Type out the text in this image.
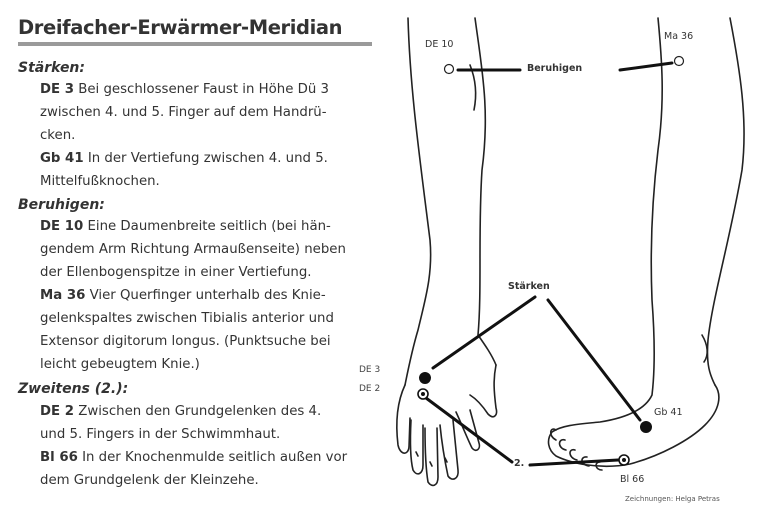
Dreifacher-Erwärmer-Meridian
Stärken:
DE 3 Bei geschlossener Faust in Höhe Dü 3
zwischen 4. und 5. Finger auf dem Handrü-
cken.
Gb 41 In der Vertiefung zwischen 4. und 5.
Mittelfußknochen.
Beruhigen:
DE 10 Eine Daumenbreite seitlich (bei hän-
gendem Arm Richtung Armaußenseite) neben
der Ellenbogenspitze in einer Vertiefung.
Ma 36 Vier Querfinger unterhalb des Knie-
gelenkspaltes zwischen Tibialis anterior und
Extensor digitorum longus. (Punktsuche bei
leicht gebeugtem Knie.)
Zweitens (2.):
DE 2 Zwischen den Grundgelenken des 4.
und 5. Fingers in der Schwimmhaut.
Bl 66 In der Knochenmulde seitlich außen vor
dem Grundgelenk der Kleinzehe.
DE 10
Ma 36
Beruhigen
Stärken
DE 3
DE 2
Gb 41
Bl 66
2.
Zeichnungen: Helga Petras
